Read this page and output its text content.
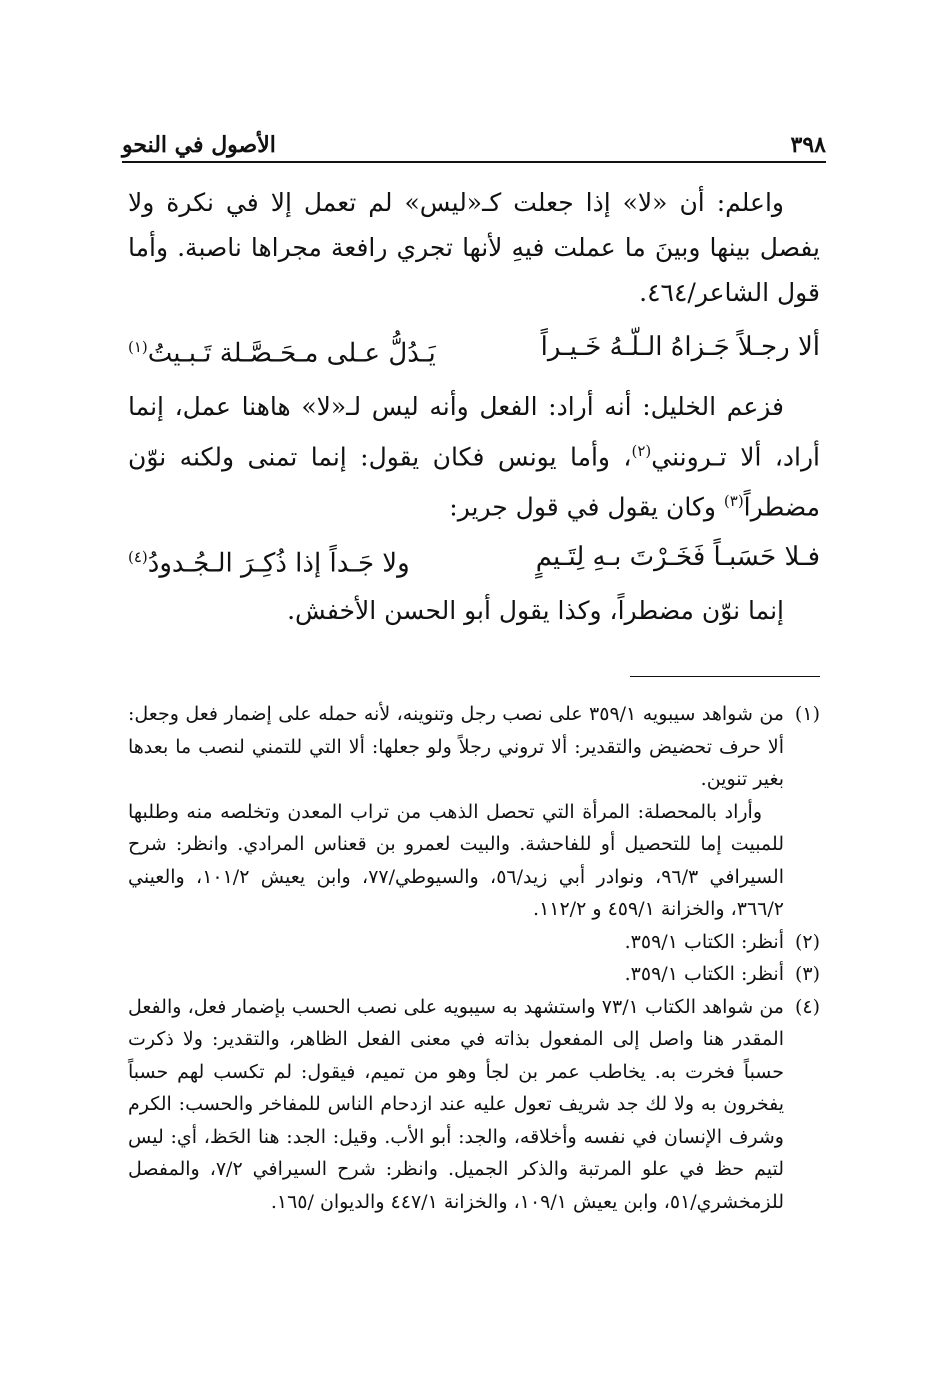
٣٩٨
الأصول في النحو

واعلم: أن «لا» إذا جعلت كـ«ليس» لم تعمل إلا في نكرة ولا يفصل بينها وبينَ ما عملت فيهِ لأنها تجري رافعة مجراها ناصبة. وأما قول الشاعر/٤٦٤.

ألا رجـلاً جَـزاهُ الـلّـهُ خَـيـراً
يَـدُلُّ عـلى مـحَـصَّـلة تَـبـيتُ$^{(١)}$

فزعم الخليل: أنه أراد: الفعل وأنه ليس لـ«لا» هاهنا عمل، إنما أراد، ألا تـرونني$^{(٢)}$، وأما يونس فكان يقول: إنما تمنى ولكنه نوّن مضطراً$^{(٣)}$ وكان يقول في قول جرير:

فـلا حَسَبـاً فَخَـرْتَ بـهِ لِتَـيمٍ
ولا جَـداً إذا ذُكِـرَ الـجُـدودُ$^{(٤)}$

إنما نوّن مضطراً، وكذا يقول أبو الحسن الأخفش.

(١)من شواهد سيبويه ٣٥٩/١ على نصب رجل وتنوينه، لأنه حمله على إضمار فعل وجعل: ألا حرف تحضيض والتقدير: ألا تروني رجلاً ولو جعلها: ألا التي للتمني لنصب ما بعدها بغير تنوين.

وأراد بالمحصلة: المرأة التي تحصل الذهب من تراب المعدن وتخلصه منه وطلبها للمبيت إما للتحصيل أو للفاحشة. والبيت لعمرو بن قعناس المرادي. وانظر: شرح السيرافي ٩٦/٣، ونوادر أبي زيد/٥٦، والسيوطي/٧٧، وابن يعيش ١٠١/٢، والعيني ٣٦٦/٢، والخزانة ٤٥٩/١ و ١١٢/٢.

(٢)أنظر: الكتاب ٣٥٩/١.

(٣)أنظر: الكتاب ٣٥٩/١.

(٤)من شواهد الكتاب ٧٣/١ واستشهد به سيبويه على نصب الحسب بإضمار فعل، والفعل المقدر هنا واصل إلى المفعول بذاته في معنى الفعل الظاهر، والتقدير: ولا ذكرت حسباً فخرت به. يخاطب عمر بن لجأ وهو من تميم، فيقول: لم تكسب لهم حسباً يفخرون به ولا لك جد شريف تعول عليه عند ازدحام الناس للمفاخر والحسب: الكرم وشرف الإنسان في نفسه وأخلاقه، والجد: أبو الأب. وقيل: الجد: هنا الحَظ، أي: ليس لتيم حظ في علو المرتبة والذكر الجميل. وانظر: شرح السيرافي ٧/٢، والمفصل للزمخشري/٥١، وابن يعيش ١٠٩/١، والخزانة ٤٤٧/١ والديوان /١٦٥.
